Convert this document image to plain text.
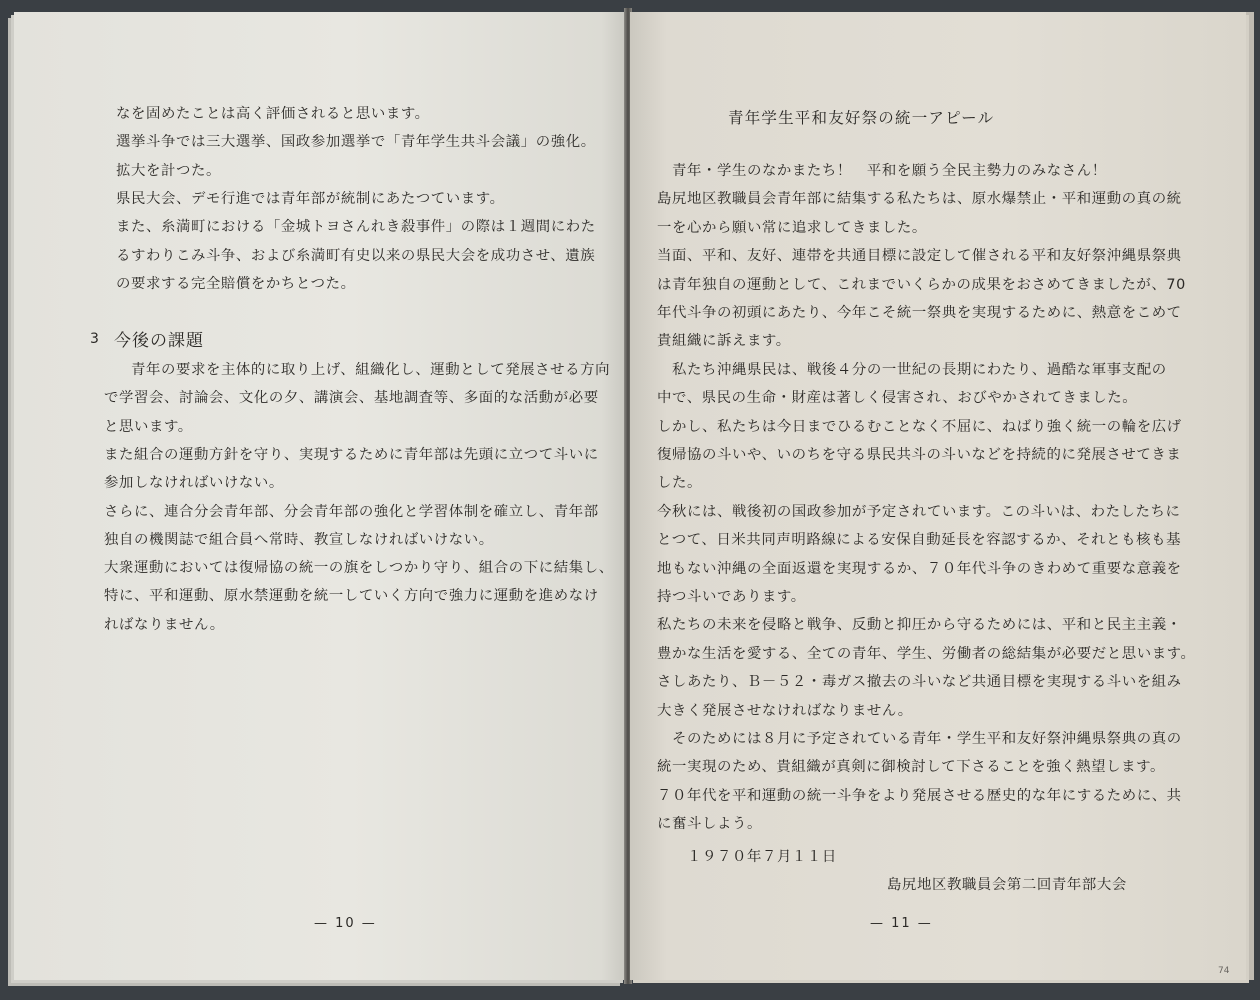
なを固めたことは高く評価されると思います。
選挙斗争では三大選挙、国政参加選挙で「青年学生共斗会議」の強化。
拡大を計つた。
県民大会、デモ行進では青年部が統制にあたつています。
また、糸満町における「金城トヨさんれき殺事件」の際は１週間にわた
るすわりこみ斗争、および糸満町有史以来の県民大会を成功させ、遺族
の要求する完全賠償をかちとつた。
3 今後の課題
青年の要求を主体的に取り上げ、組織化し、運動として発展させる方向
で学習会、討論会、文化の夕、講演会、基地調査等、多面的な活動が必要
と思います。
また組合の運動方針を守り、実現するために青年部は先頭に立つて斗いに
参加しなければいけない。
さらに、連合分会青年部、分会青年部の強化と学習体制を確立し、青年部
独自の機関誌で組合員へ常時、教宣しなければいけない。
大衆運動においては復帰協の統一の旗をしつかり守り、組合の下に結集し、
特に、平和運動、原水禁運動を統一していく方向で強力に運動を進めなけ
ればなりません。
— 10 —
青年学生平和友好祭の統一アピール
青年・学生のなかまたち！　平和を願う全民主勢力のみなさん！
島尻地区教職員会青年部に結集する私たちは、原水爆禁止・平和運動の真の統
一を心から願い常に追求してきました。
当面、平和、友好、連帯を共通目標に設定して催される平和友好祭沖縄県祭典
は青年独自の運動として、これまでいくらかの成果をおさめてきましたが、70
年代斗争の初頭にあたり、今年こそ統一祭典を実現するために、熱意をこめて
貴組織に訴えます。
私たち沖縄県民は、戦後４分の一世紀の長期にわたり、過酷な軍事支配の
中で、県民の生命・財産は著しく侵害され、おびやかされてきました。
しかし、私たちは今日までひるむことなく不屈に、ねばり強く統一の輪を広げ
復帰協の斗いや、いのちを守る県民共斗の斗いなどを持続的に発展させてきま
した。
今秋には、戦後初の国政参加が予定されています。この斗いは、わたしたちに
とつて、日米共同声明路線による安保自動延長を容認するか、それとも核も基
地もない沖縄の全面返還を実現するか、７０年代斗争のきわめて重要な意義を
持つ斗いであります。
私たちの未来を侵略と戦争、反動と抑圧から守るためには、平和と民主主義・
豊かな生活を愛する、全ての青年、学生、労働者の総結集が必要だと思います。
さしあたり、Ｂ－５２・毒ガス撤去の斗いなど共通目標を実現する斗いを組み
大きく発展させなければなりません。
そのためには８月に予定されている青年・学生平和友好祭沖縄県祭典の真の
統一実現のため、貴組織が真剣に御検討して下さることを強く熱望します。
７０年代を平和運動の統一斗争をより発展させる歴史的な年にするために、共
に奮斗しよう。
１９７０年７月１１日
島尻地区教職員会第二回青年部大会
— 11 —
74
